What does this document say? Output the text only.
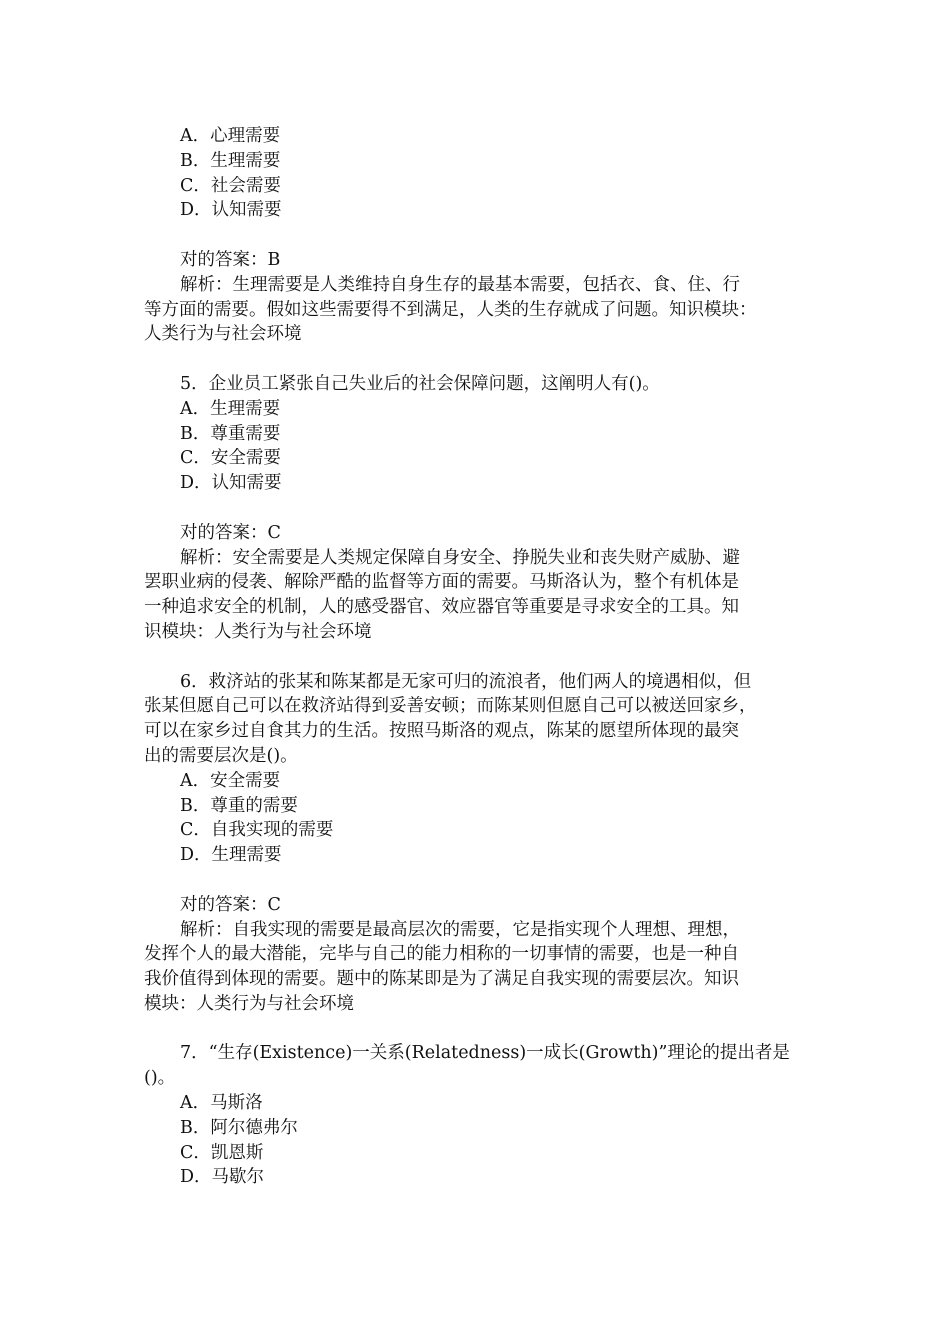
A．心理需要
B．生理需要
C．社会需要
D．认知需要
对的答案：B
解析：生理需要是人类维持自身生存的最基本需要，包括衣、食、住、行
等方面的需要。假如这些需要得不到满足，人类的生存就成了问题。知识模块：
人类行为与社会环境
5．企业员工紧张自己失业后的社会保障问题，这阐明人有()。
A．生理需要
B．尊重需要
C．安全需要
D．认知需要
对的答案：C
解析：安全需要是人类规定保障自身安全、挣脱失业和丧失财产威胁、避
罢职业病的侵袭、解除严酷的监督等方面的需要。马斯洛认为，整个有机体是
一种追求安全的机制，人的感受器官、效应器官等重要是寻求安全的工具。知
识模块：人类行为与社会环境
6．救济站的张某和陈某都是无家可归的流浪者，他们两人的境遇相似，但
张某但愿自己可以在救济站得到妥善安顿；而陈某则但愿自己可以被送回家乡，
可以在家乡过自食其力的生活。按照马斯洛的观点，陈某的愿望所体现的最突
出的需要层次是()。
A．安全需要
B．尊重的需要
C．自我实现的需要
D．生理需要
对的答案：C
解析：自我实现的需要是最高层次的需要，它是指实现个人理想、理想，
发挥个人的最大潜能，完毕与自己的能力相称的一切事情的需要，也是一种自
我价值得到体现的需要。题中的陈某即是为了满足自我实现的需要层次。知识
模块：人类行为与社会环境
7．“生存(Existence)一关系(Relatedness)一成长(Growth)”理论的提出者是
()。
A．马斯洛
B．阿尔德弗尔
C．凯恩斯
D．马歇尔
